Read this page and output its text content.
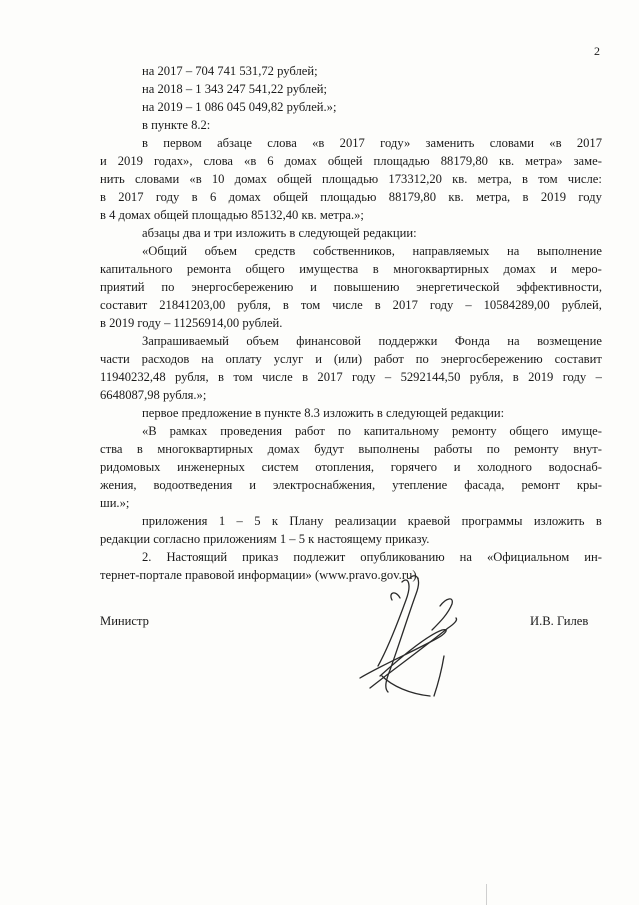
2
на 2017 – 704 741 531,72 рублей;
на 2018 – 1 343 247 541,22 рублей;
на 2019 – 1 086 045 049,82 рублей.»;
в пункте 8.2:
в первом абзаце слова «в 2017 году» заменить словами «в 2017
и 2019 годах», слова «в 6 домах общей площадью 88179,80 кв. метра» заме-
нить словами «в 10 домах общей площадью 173312,20 кв. метра, в том числе:
в 2017 году в 6 домах общей площадью 88179,80 кв. метра, в 2019 году
в 4 домах общей площадью 85132,40 кв. метра.»;
абзацы два и три изложить в следующей редакции:
«Общий объем средств собственников, направляемых на выполнение
капитального ремонта общего имущества в многоквартирных домах и меро-
приятий по энергосбережению и повышению энергетической эффективности,
составит 21841203,00 рубля, в том числе в 2017 году – 10584289,00 рублей,
в 2019 году – 11256914,00 рублей.
Запрашиваемый объем финансовой поддержки Фонда на возмещение
части расходов на оплату услуг и (или) работ по энергосбережению составит
11940232,48 рубля, в том числе в 2017 году – 5292144,50 рубля, в 2019 году –
6648087,98 рубля.»;
первое предложение в пункте 8.3 изложить в следующей редакции:
«В рамках проведения работ по капитальному ремонту общего имуще-
ства в многоквартирных домах будут выполнены работы по ремонту внут-
ридомовых инженерных систем отопления, горячего и холодного водоснаб-
жения, водоотведения и электроснабжения, утепление фасада, ремонт кры-
ши.»;
приложения 1 – 5 к Плану реализации краевой программы изложить в
редакции согласно приложениям 1 – 5 к настоящему приказу.
2. Настоящий приказ подлежит опубликованию на «Официальном ин-
тернет-портале правовой информации» (www.pravo.gov.ru).
Министр	И.В. Гилев
